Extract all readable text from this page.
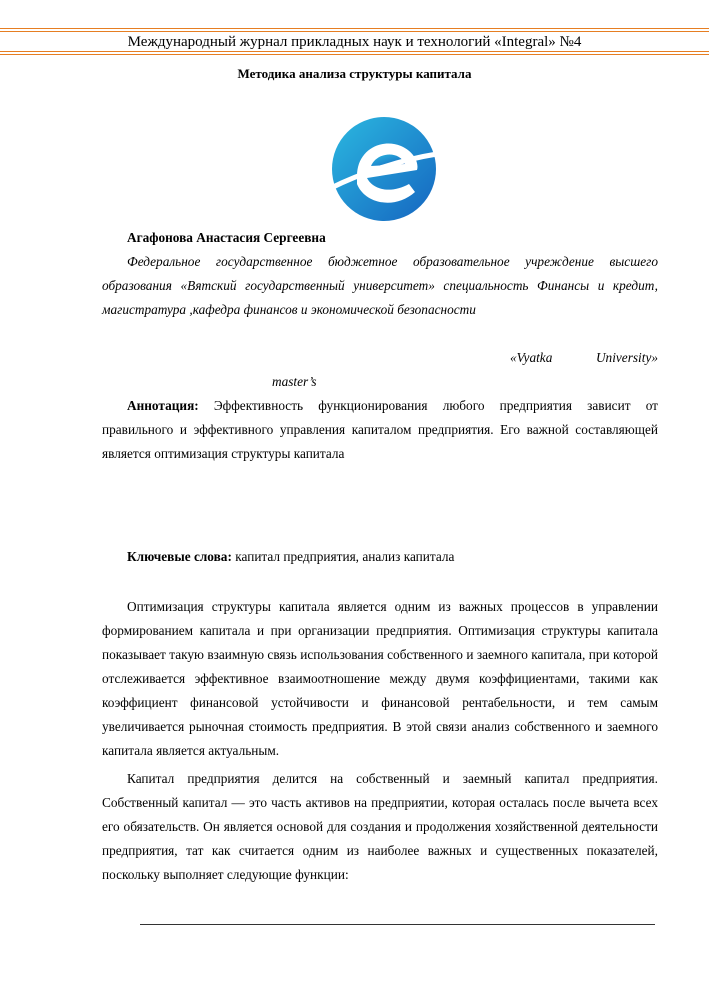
Международный журнал прикладных наук и технологий «Integral» №4
Методика анализа структуры капитала
Агафонова Анастасия Сергеевна
Федеральное государственное бюджетное образовательное учреждение высшего
образования «Вятский государственный университет» специальность Финансы и кредит,
магистратура ,кафедра финансов и экономической безопасности
«Vyatka	University»
master’s
Аннотация: Эффективность функционирования любого предприятия зависит от правильного и эффективного управления капиталом предприятия. Его важной составляющей является оптимизация структуры капитала
Ключевые слова: капитал предприятия, анализ капитала
Оптимизация структуры капитала является одним из важных процессов в управлении формированием капитала и при организации предприятия. Оптимизация структуры капитала показывает такую взаимную связь использования собственного и заемного капитала, при которой отслеживается эффективное взаимоотношение между двумя коэффициентами, такими как коэффициент финансовой устойчивости и финансовой рентабельности, и тем самым увеличивается рыночная стоимость предприятия. В этой связи анализ собственного и заемного капитала является актуальным.
Капитал предприятия делится на собственный и заемный капитал предприятия. Собственный капитал — это часть активов на предприятии, которая осталась после вычета всех его обязательств. Он является основой для создания и продолжения хозяйственной деятельности предприятия, тат как считается одним из наиболее важных и существенных показателей, поскольку выполняет следующие функции:
